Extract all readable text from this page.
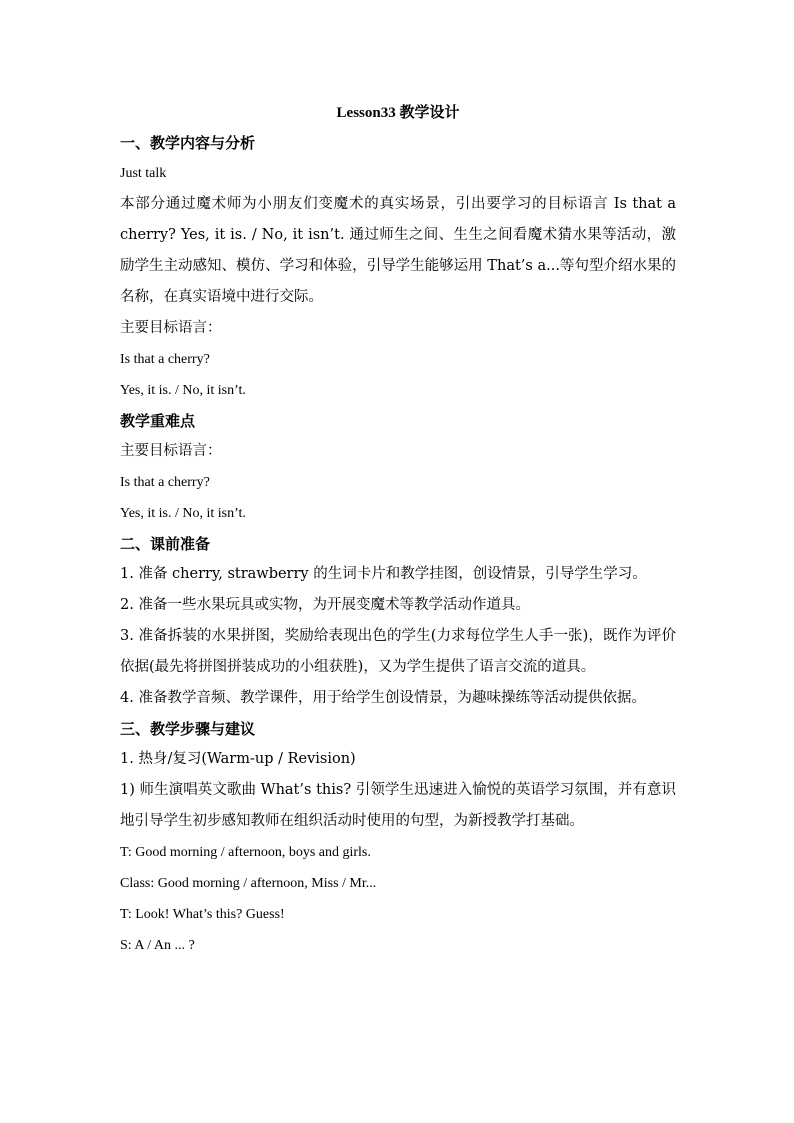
Lesson33 教学设计
一、教学内容与分析

Just talk

本部分通过魔术师为小朋友们变魔术的真实场景，引出要学习的目标语言 Is that a cherry? Yes, it is. / No, it isn’t. 通过师生之间、生生之间看魔术猜水果等活动，激励学生主动感知、模仿、学习和体验，引导学生能够运用 That’s a...等句型介绍水果的名称，在真实语境中进行交际。

主要目标语言：

Is that a cherry?

Yes, it is. / No, it isn’t.

教学重难点

主要目标语言：

Is that a cherry?

Yes, it is. / No, it isn’t.

二、课前准备

1. 准备 cherry, strawberry 的生词卡片和教学挂图，创设情景，引导学生学习。

2. 准备一些水果玩具或实物，为开展变魔术等教学活动作道具。

3. 准备拆装的水果拼图，奖励给表现出色的学生(力求每位学生人手一张)，既作为评价依据(最先将拼图拼装成功的小组获胜)，又为学生提供了语言交流的道具。

4. 准备教学音频、教学课件，用于给学生创设情景，为趣味操练等活动提供依据。

三、教学步骤与建议

1. 热身/复习(Warm-up / Revision)

1) 师生演唱英文歌曲 What’s this? 引领学生迅速进入愉悦的英语学习氛围，并有意识地引导学生初步感知教师在组织活动时使用的句型，为新授教学打基础。

T: Good morning / afternoon, boys and girls.

Class: Good morning / afternoon, Miss / Mr...

T: Look! What’s this? Guess!

S: A / An ... ?
